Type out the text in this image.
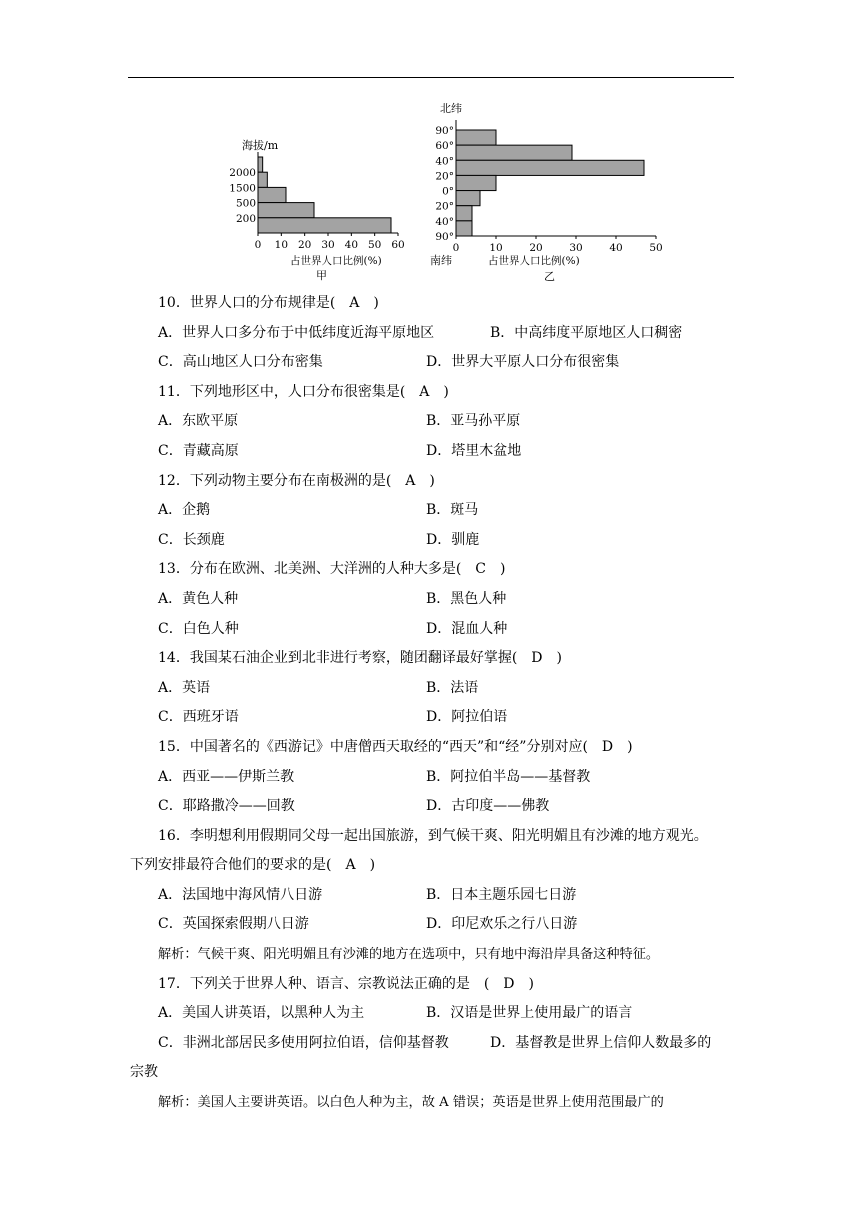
海拔/m
2000
1500
500
200
0 10 20 30 40 50 60
占世界人口比例(%)
甲
北纬
90°
60°
40°
20°
0°
20°
40°
90°
0	10	20	30	40	50
南纬	占世界人口比例(%)
乙
10．世界人口的分布规律是(　A　)
A．世界人口多分布于中低纬度近海平原地区	B．中高纬度平原地区人口稠密
C．高山地区人口分布密集	D．世界大平原人口分布很密集
11．下列地形区中，人口分布很密集是(　A　)
A．东欧平原	B．亚马孙平原
C．青藏高原	D．塔里木盆地
12．下列动物主要分布在南极洲的是(　A　)
A．企鹅	B．斑马
C．长颈鹿	D．驯鹿
13．分布在欧洲、北美洲、大洋洲的人种大多是(　C　)
A．黄色人种	B．黑色人种
C．白色人种	D．混血人种
14．我国某石油企业到北非进行考察，随团翻译最好掌握(　D　)
A．英语	B．法语
C．西班牙语	D．阿拉伯语
15．中国著名的《西游记》中唐僧西天取经的“西天”和“经”分别对应(　D　)
A．西亚——伊斯兰教	B．阿拉伯半岛——基督教
C．耶路撒冷——回教	D．古印度——佛教
16．李明想利用假期同父母一起出国旅游，到气候干爽、阳光明媚且有沙滩的地方观光。
下列安排最符合他们的要求的是(　A　)
A．法国地中海风情八日游	B．日本主题乐园七日游
C．英国探索假期八日游	D．印尼欢乐之行八日游
解析：气候干爽、阳光明媚且有沙滩的地方在选项中，只有地中海沿岸具备这种特征。
17．下列关于世界人种、语言、宗教说法正确的是　(　D　)
A．美国人讲英语，以黑种人为主	B．汉语是世界上使用最广的语言
C．非洲北部居民多使用阿拉伯语，信仰基督教	D．基督教是世界上信仰人数最多的
宗教
解析：美国人主要讲英语。以白色人种为主，故 A 错误；英语是世界上使用范围最广的
